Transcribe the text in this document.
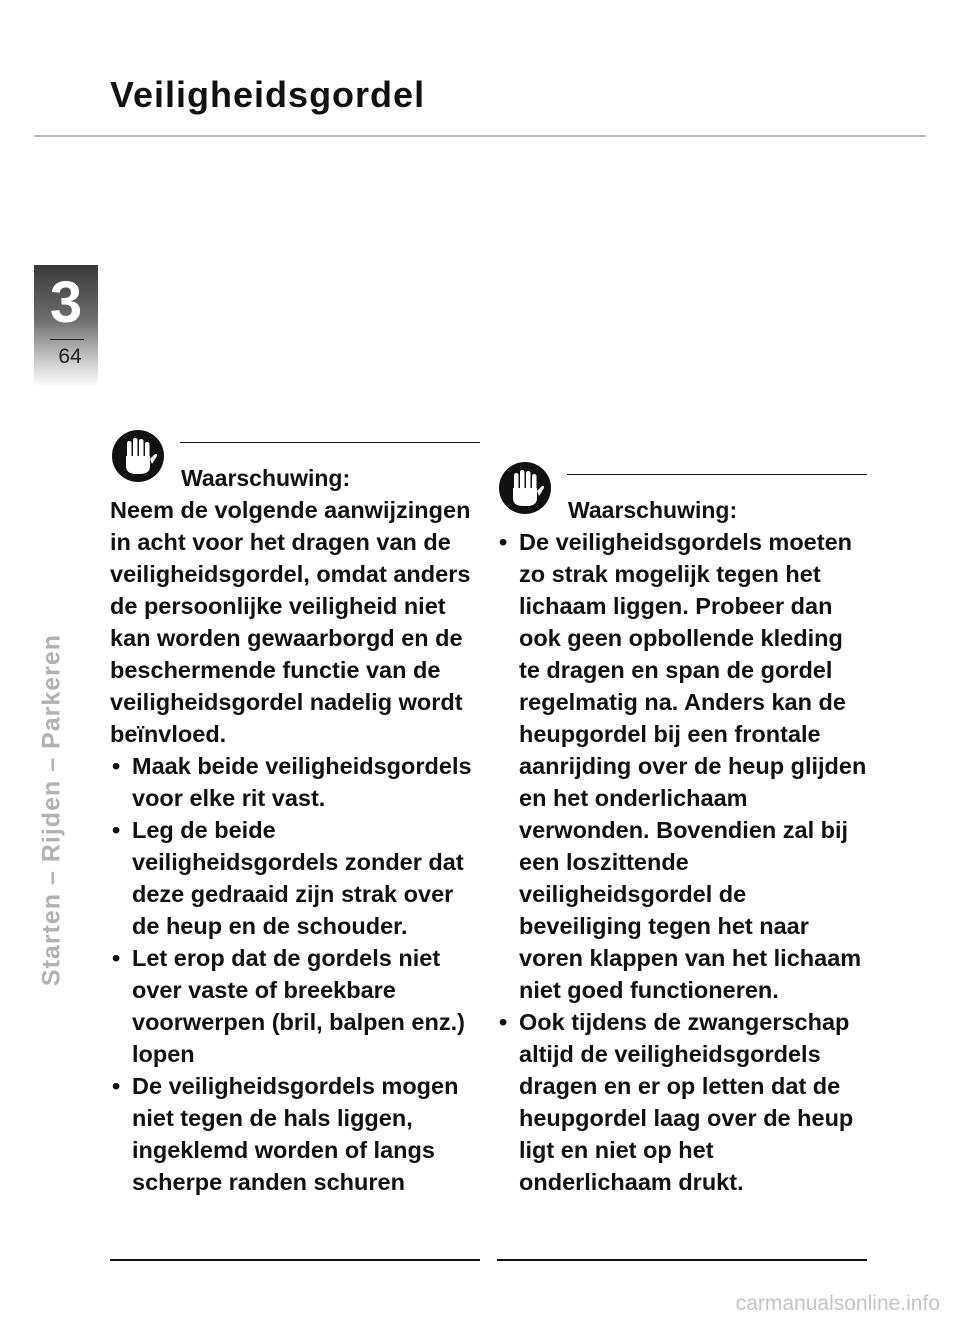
Veiligheidsgordel
3
64
Starten – Rijden – Parkeren
Waarschuwing:

Neem de volgende aanwijzingen in acht voor het dragen van de veiligheidsgordel, omdat anders de persoonlijke veiligheid niet kan worden gewaarborgd en de beschermende functie van de veiligheidsgordel nadelig wordt beïnvloed.

• Maak beide veiligheidsgordels voor elke rit vast.
• Leg de beide veiligheidsgordels zonder dat deze gedraaid zijn strak over de heup en de schouder.
• Let erop dat de gordels niet over vaste of breekbare voorwerpen (bril, balpen enz.) lopen
• De veiligheidsgordels mogen niet tegen de hals liggen, ingeklemd worden of langs scherpe randen schuren
Waarschuwing:
• De veiligheidsgordels moeten zo strak mogelijk tegen het lichaam liggen. Probeer dan ook geen opbollende kleding te dragen en span de gordel regelmatig na. Anders kan de heupgordel bij een frontale aanrijding over de heup glijden en het onderlichaam verwonden. Bovendien zal bij een loszittende veiligheidsgordel de beveiliging tegen het naar voren klappen van het lichaam niet goed functioneren.
• Ook tijdens de zwangerschap altijd de veiligheidsgordels dragen en er op letten dat de heupgordel laag over de heup ligt en niet op het onderlichaam drukt.
carmanualsonline.info
